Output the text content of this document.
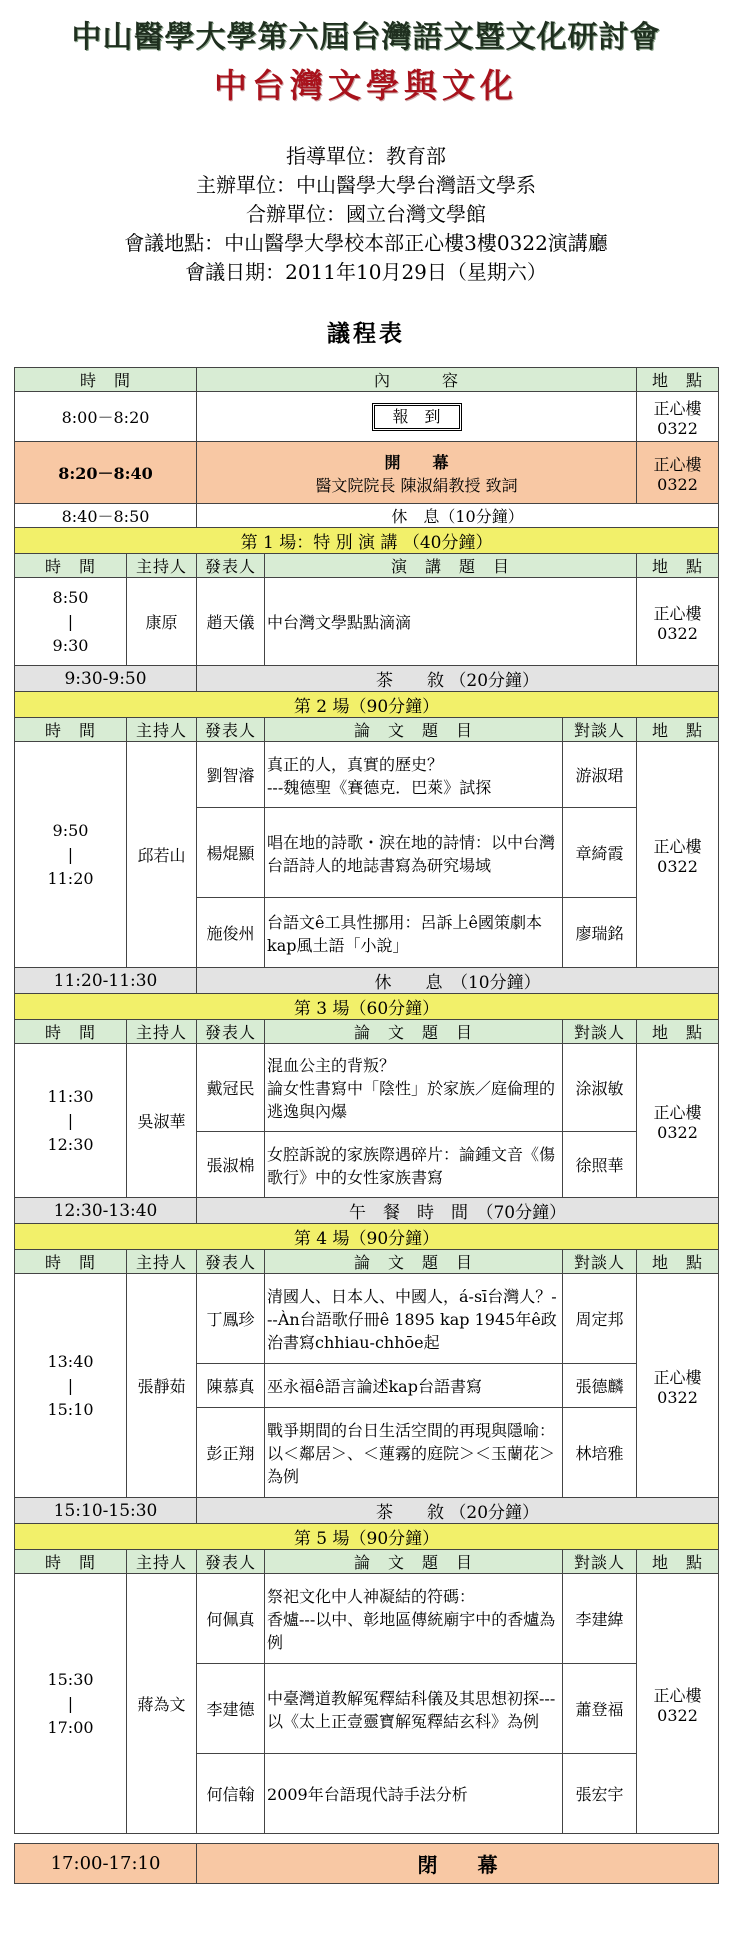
中山醫學大學第六屆台灣語文暨文化研討會
中台灣文學與文化
指導單位：教育部
主辦單位：中山醫學大學台灣語文學系
合辦單位：國立台灣文學館
會議地點：中山醫學大學校本部正心樓3樓0322演講廳
會議日期：2011年10月29日（星期六）
議程表
時　間		內　　　容			地　點
8:00－8:20		報　到			正心樓0322
8:20－8:40		開　　幕
醫文院院長 陳淑絹教授 致詞			正心樓0322
8:40－8:50		休　息（10分鐘）			
第 1 場：特 別 演 講 （40分鐘）					
時　間	主持人	發表人	演　講　題　目		地　點
8:50
|
9:30	康原	趙天儀	中台灣文學點點滴滴		正心樓0322
9:30-9:50		茶　　敘 （20分鐘）			
第 2 場（90分鐘）					
時　間	主持人	發表人	論　文　題　目	對談人	地　點
9:50
|
11:20	邱若山	劉智濬	真正的人，真實的歷史？
---魏德聖《賽德克．巴萊》試探	游淑珺	正心樓0322
		楊焜顯	唱在地的詩歌・淚在地的詩情：以中台灣台語詩人的地誌書寫為研究場域	章綺霞	
		施俊州	台語文ê工具性挪用：呂訴上ê國策劇本kap風土語「小說」	廖瑞銘	
11:20-11:30		休　　息　（10分鐘）			
第 3 場（60分鐘）					
時　間	主持人	發表人	論　文　題　目	對談人	地　點
11:30
|
12:30	吳淑華	戴冠民	混血公主的背叛？
論女性書寫中「陰性」於家族／庭倫理的逃逸與內爆	涂淑敏	正心樓0322
		張淑棉	女腔訴說的家族際遇碎片：論鍾文音《傷歌行》中的女性家族書寫	徐照華	
12:30-13:40		午　餐　時　間　（70分鐘）			
第 4 場（90分鐘）					
時　間	主持人	發表人	論　文　題　目	對談人	地　點
13:40
|
15:10	張靜茹	丁鳳珍	清國人、日本人、中國人，á-sī台灣人？---Àn台語歌仔冊ê 1895 kap 1945年ê政治書寫chhiau-chhōe起	周定邦	正心樓0322
		陳慕真	巫永福ê語言論述kap台語書寫	張德麟	
		彭正翔	戰爭期間的台日生活空間的再現與隱喻：以＜鄰居＞、＜蓮霧的庭院＞＜玉蘭花＞為例	林培雅	
15:10-15:30		茶　　敘 （20分鐘）			
第 5 場（90分鐘）					
時　間	主持人	發表人	論　文　題　目	對談人	地　點
15:30
|
17:00	蔣為文	何佩真	祭祀文化中人神凝結的符碼：
香爐---以中、彰地區傳統廟宇中的香爐為例	李建緯	正心樓0322
		李建德	中臺灣道教解冤釋結科儀及其思想初探---以《太上正壹靈寶解冤釋結玄科》為例	蕭登福	
		何信翰	2009年台語現代詩手法分析	張宏宇	

17:00-17:10		閉　　幕			
